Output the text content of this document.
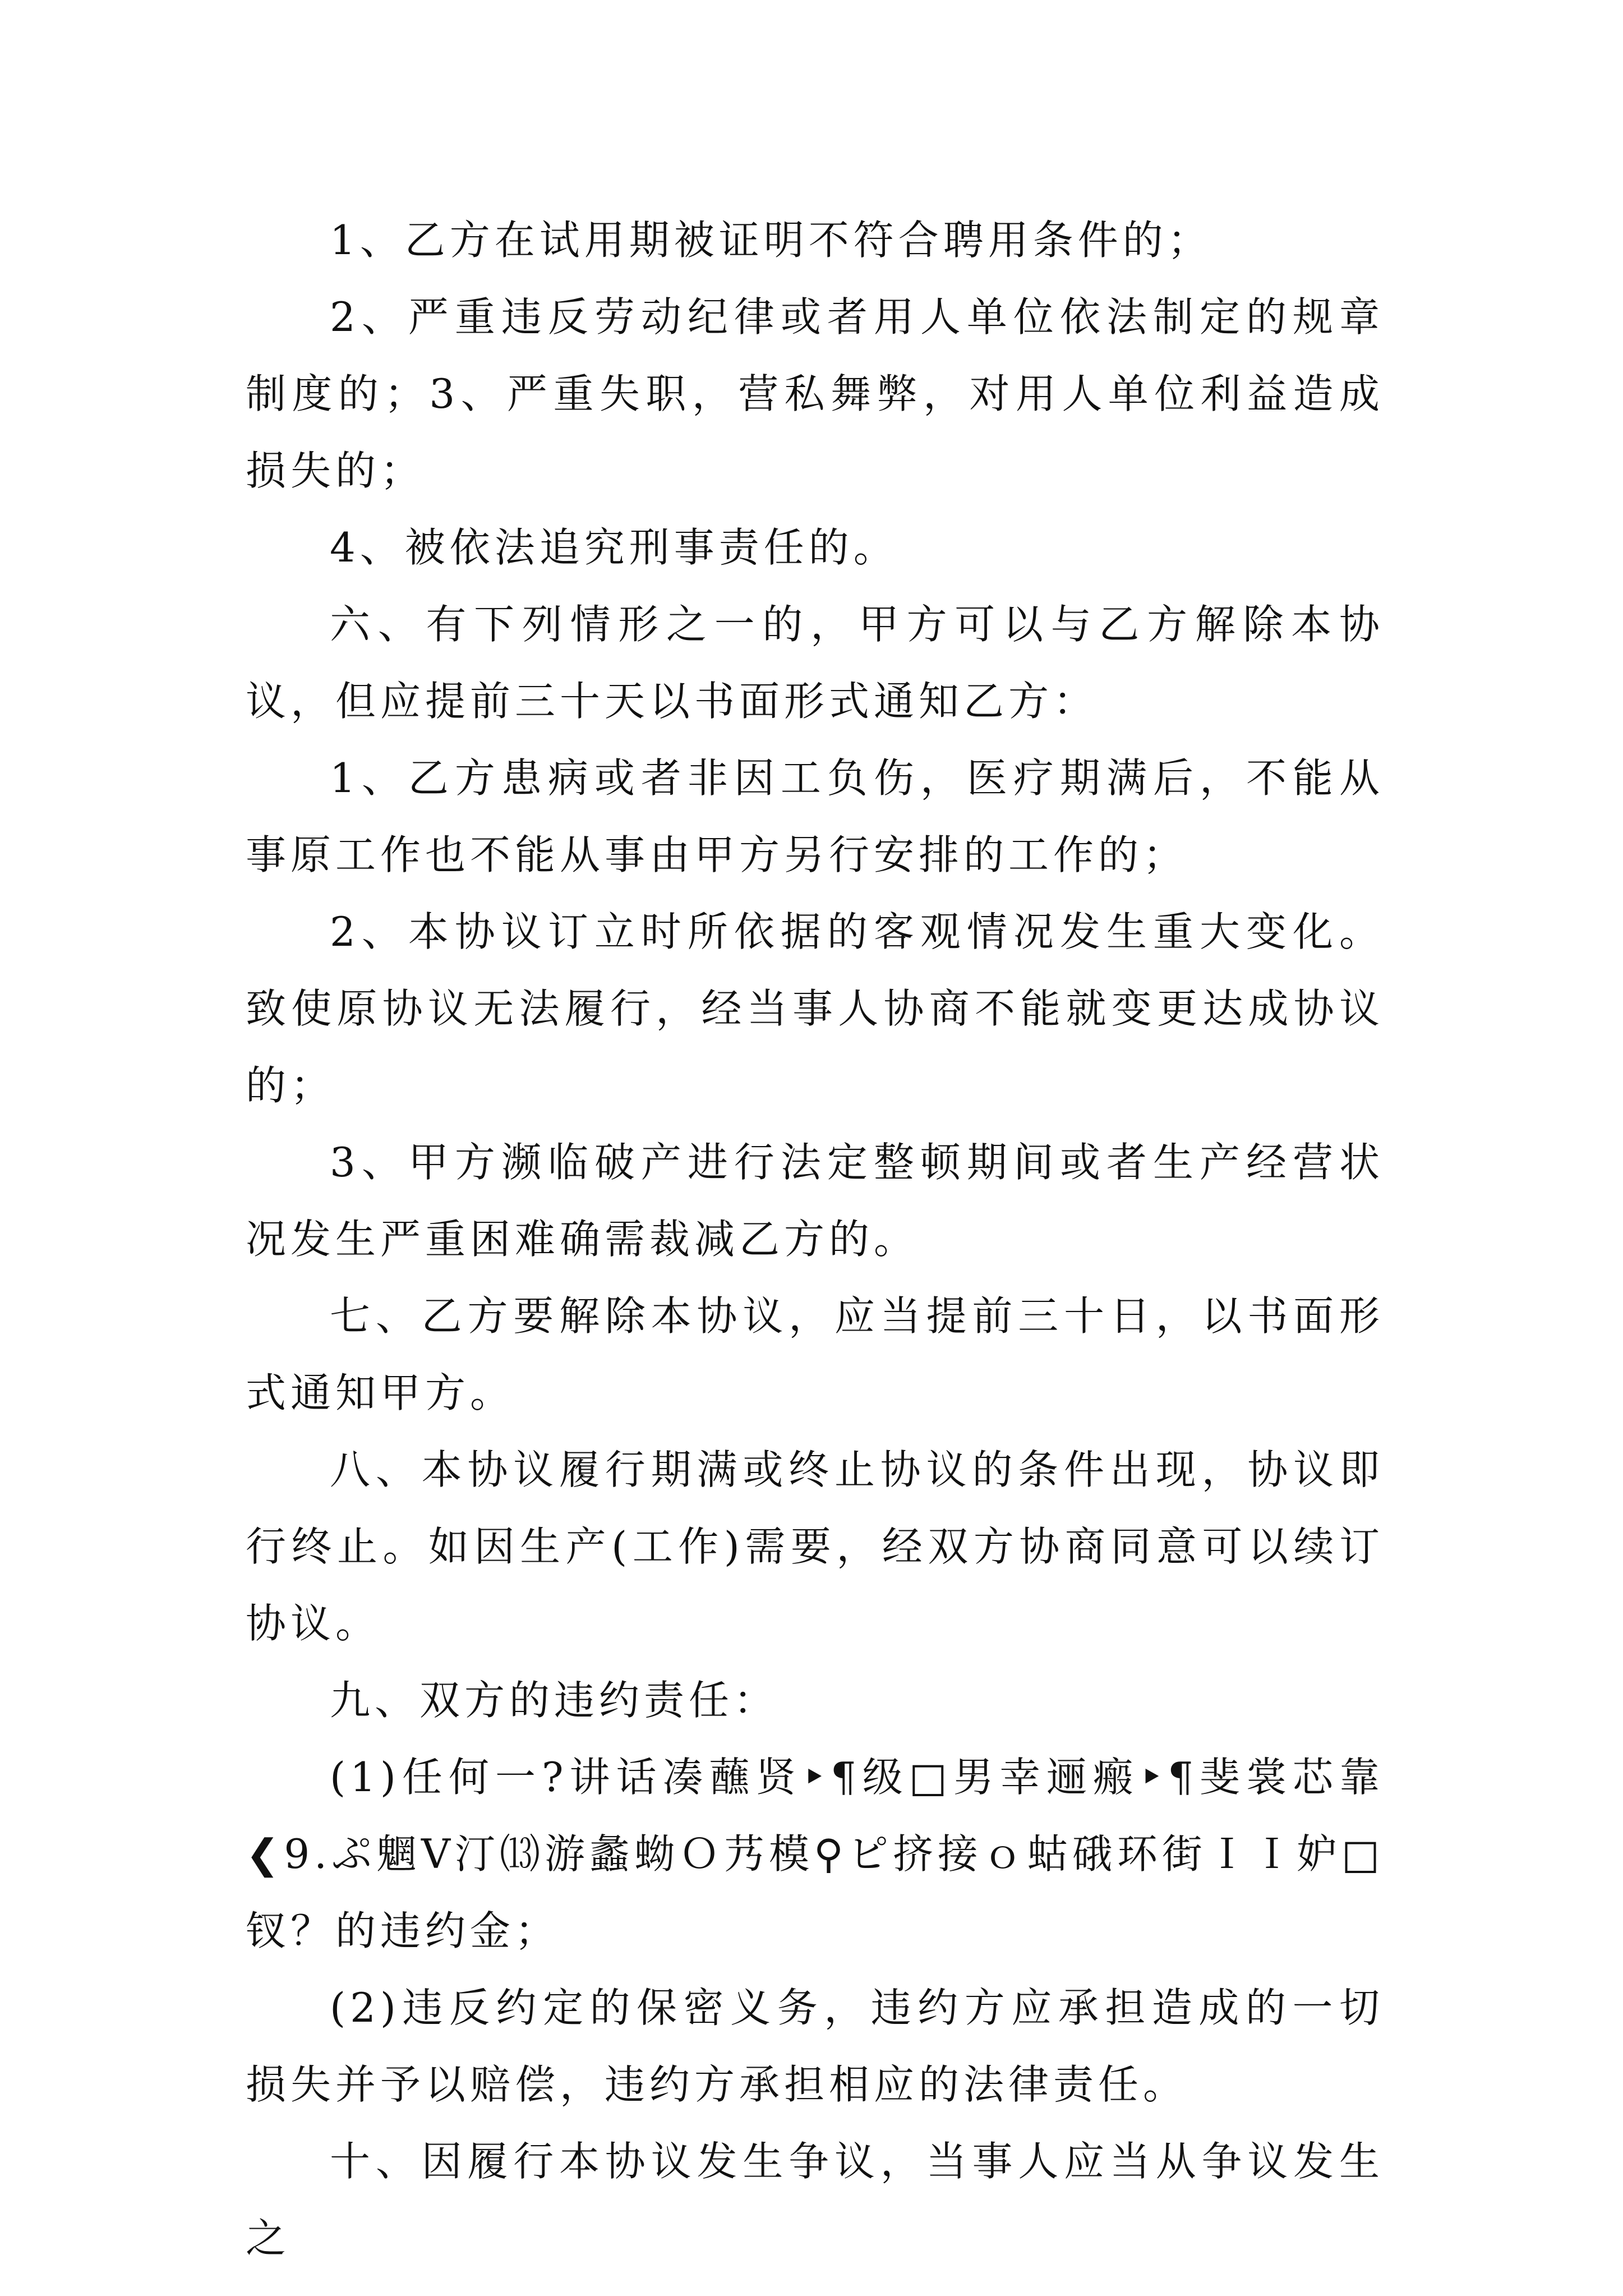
1、乙方在试用期被证明不符合聘用条件的；

2、严重违反劳动纪律或者用人单位依法制定的规章制度的；3、严重失职，营私舞弊，对用人单位利益造成损失的；

4、被依法追究刑事责任的。

六、有下列情形之一的，甲方可以与乙方解除本协议，但应提前三十天以书面形式通知乙方：

1、乙方患病或者非因工负伤，医疗期满后，不能从事原工作也不能从事由甲方另行安排的工作的；

2、本协议订立时所依据的客观情况发生重大变化。致使原协议无法履行，经当事人协商不能就变更达成协议的；

3、甲方濒临破产进行法定整顿期间或者生产经营状况发生严重困难确需裁减乙方的。

七、乙方要解除本协议，应当提前三十日，以书面形式通知甲方。

八、本协议履行期满或终止协议的条件出现，协议即行终止。如因生产(工作)需要，经双方协商同意可以续订协议。

九、双方的违约责任：

(1)任何一?讲话凑蘸贤‣¶级□男幸逦瘢‣¶斐裳芯靠❮9.ぷ魍Ⅴ汀⒀游蠡蚴Ｏ艿模⚲ピ挤接ｏ蛄硪环街ＩＩ妒□钗？的违约金；

(2)违反约定的保密义务，违约方应承担造成的一切损失并予以赔偿，违约方承担相应的法律责任。

十、因履行本协议发生争议，当事人应当从争议发生之
